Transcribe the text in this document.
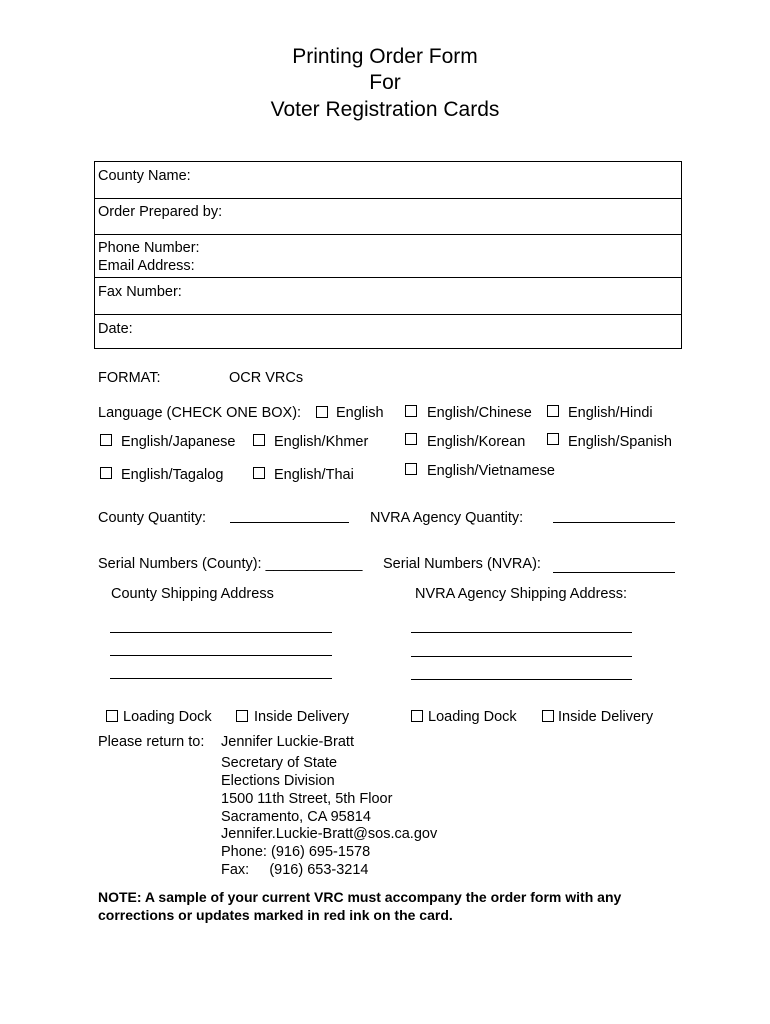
Printing Order Form
For
Voter Registration Cards
County Name:
Order Prepared by:
Phone Number:
Email Address:
Fax Number:
Date:
FORMAT:	OCR VRCs
Language (CHECK ONE BOX): English	English/Chinese English/Hindi
English/Japanese	English/Khmer	English/Korean	English/Spanish
English/Tagalog	English/Thai	English/Vietnamese
County Quantity:	NVRA Agency Quantity:
Serial Numbers (County): ____________ Serial Numbers (NVRA):
County Shipping Address	NVRA Agency Shipping Address:
Loading Dock	Inside Delivery	Loading Dock	Inside Delivery
Please return to: Jennifer Luckie-Bratt
Secretary of State
Elections Division
1500 11th Street, 5th Floor
Sacramento, CA 95814
Jennifer.Luckie-Bratt@sos.ca.gov
Phone: (916) 695-1578
Fax:     (916) 653-3214
NOTE: A sample of your current VRC must accompany the order form with any
corrections or updates marked in red ink on the card.
